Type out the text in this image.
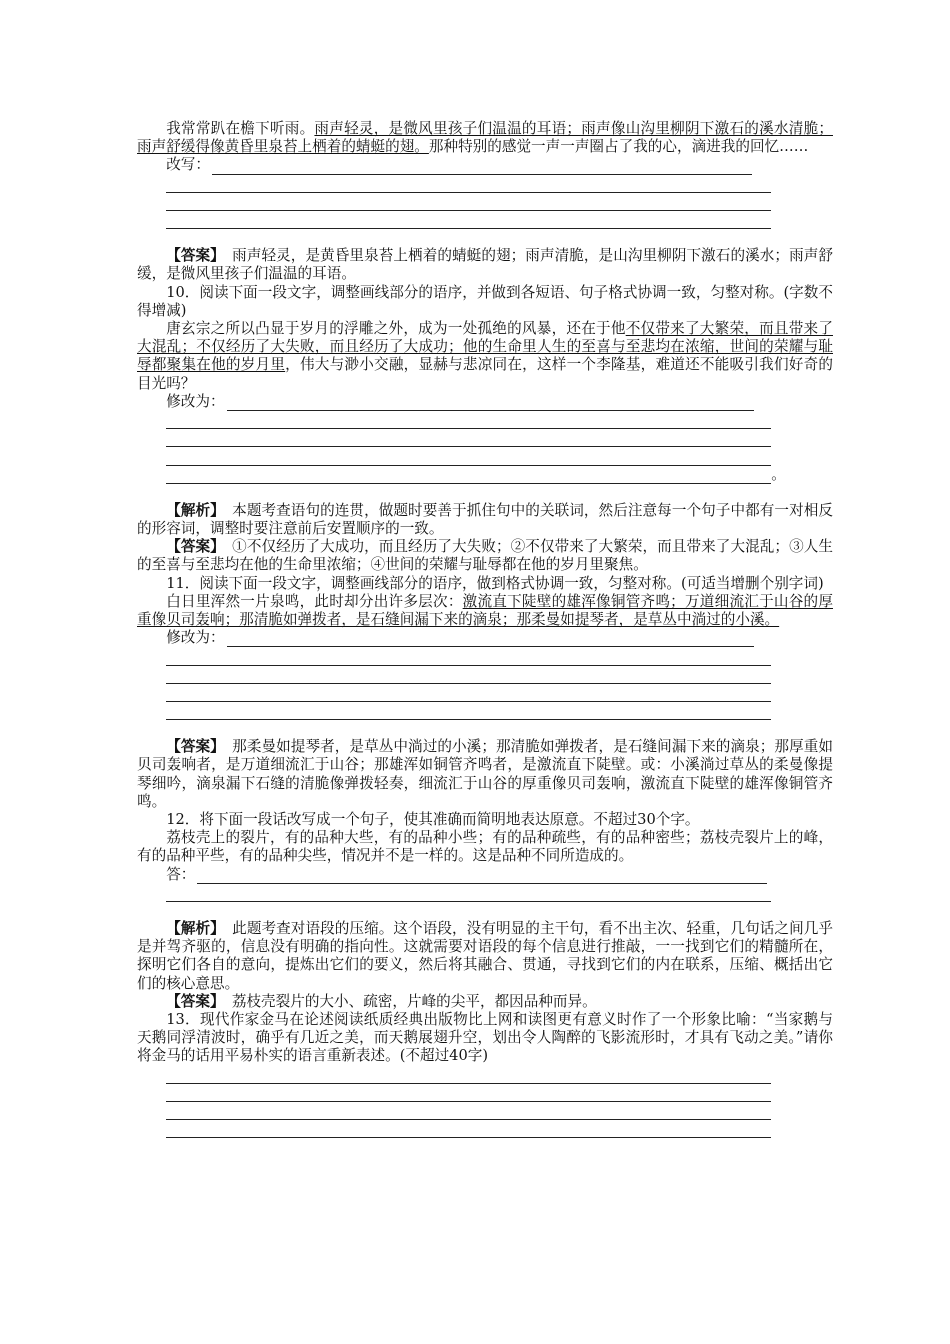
我常常趴在檐下听雨。雨声轻灵，是微风里孩子们温温的耳语；雨声像山沟里柳阴下激石的溪水清脆；雨声舒缓得像黄昏里泉苔上栖着的蜻蜓的翅。那种特别的感觉一声一声圈占了我的心，滴进我的回忆……

改写：

【答案】　雨声轻灵，是黄昏里泉苔上栖着的蜻蜓的翅；雨声清脆，是山沟里柳阴下激石的溪水；雨声舒缓，是微风里孩子们温温的耳语。

10．阅读下面一段文字，调整画线部分的语序，并做到各短语、句子格式协调一致，匀整对称。(字数不得增减)

唐玄宗之所以凸显于岁月的浮雕之外，成为一处孤绝的风暴，还在于他不仅带来了大繁荣，而且带来了大混乱；不仅经历了大失败，而且经历了大成功；他的生命里人生的至喜与至悲均在浓缩，世间的荣耀与耻辱都聚集在他的岁月里，伟大与渺小交融，显赫与悲凉同在，这样一个李隆基，难道还不能吸引我们好奇的目光吗？

修改为：
。

【解析】　本题考查语句的连贯，做题时要善于抓住句中的关联词，然后注意每一个句子中都有一对相反的形容词，调整时要注意前后安置顺序的一致。

【答案】　①不仅经历了大成功，而且经历了大失败；②不仅带来了大繁荣，而且带来了大混乱；③人生的至喜与至悲均在他的生命里浓缩；④世间的荣耀与耻辱都在他的岁月里聚焦。

11．阅读下面一段文字，调整画线部分的语序，做到格式协调一致，匀整对称。(可适当增删个别字词)

白日里浑然一片泉鸣，此时却分出许多层次：激流直下陡壁的雄浑像铜管齐鸣；万道细流汇于山谷的厚重像贝司轰响；那清脆如弹拨者，是石缝间漏下来的滴泉；那柔曼如提琴者，是草丛中淌过的小溪。

修改为：

【答案】　那柔曼如提琴者，是草丛中淌过的小溪；那清脆如弹拨者，是石缝间漏下来的滴泉；那厚重如贝司轰响者，是万道细流汇于山谷；那雄浑如铜管齐鸣者，是激流直下陡壁。或：小溪淌过草丛的柔曼像提琴细吟，滴泉漏下石缝的清脆像弹拨轻奏，细流汇于山谷的厚重像贝司轰响，激流直下陡壁的雄浑像铜管齐鸣。

12．将下面一段话改写成一个句子，使其准确而简明地表达原意。不超过30个字。

荔枝壳上的裂片，有的品种大些，有的品种小些；有的品种疏些，有的品种密些；荔枝壳裂片上的峰，有的品种平些，有的品种尖些，情况并不是一样的。这是品种不同所造成的。

答：

【解析】　此题考查对语段的压缩。这个语段，没有明显的主干句，看不出主次、轻重，几句话之间几乎是并驾齐驱的，信息没有明确的指向性。这就需要对语段的每个信息进行推敲，一一找到它们的精髓所在，探明它们各自的意向，提炼出它们的要义，然后将其融合、贯通，寻找到它们的内在联系，压缩、概括出它们的核心意思。

【答案】　荔枝壳裂片的大小、疏密，片峰的尖平，都因品种而异。

13．现代作家金马在论述阅读纸质经典出版物比上网和读图更有意义时作了一个形象比喻：“当家鹅与天鹅同浮清波时，确乎有几近之美，而天鹅展翅升空，划出令人陶醉的飞影流形时，才具有飞动之美。”请你将金马的话用平易朴实的语言重新表述。(不超过40字)
